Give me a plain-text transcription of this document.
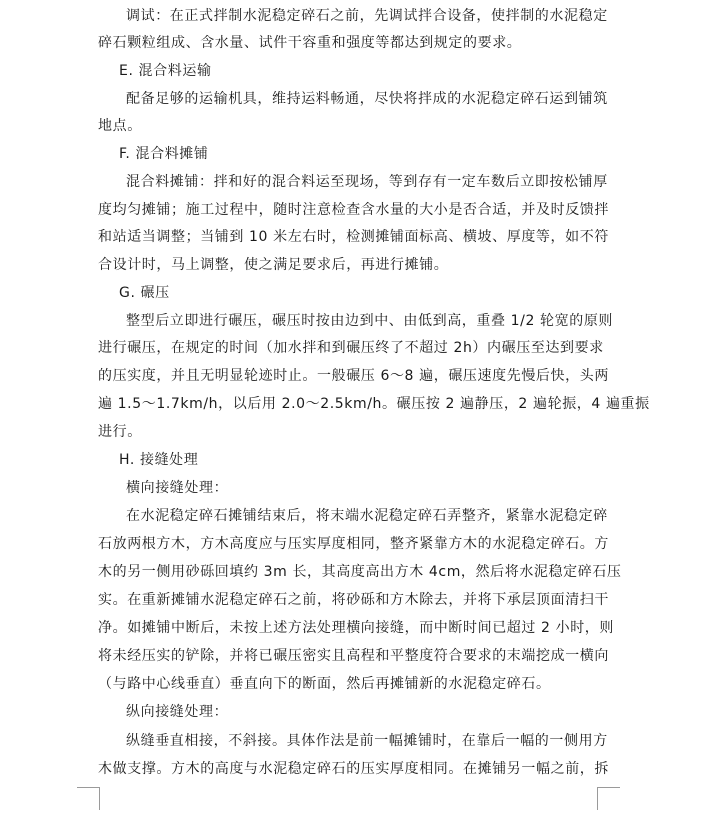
调试：在正式拌制水泥稳定碎石之前，先调试拌合设备，使拌制的水泥稳定
碎石颗粒组成、含水量、试件干容重和强度等都达到规定的要求。
E. 混合料运输
配备足够的运输机具，维持运料畅通，尽快将拌成的水泥稳定碎石运到铺筑
地点。
F. 混合料摊铺
混合料摊铺：拌和好的混合料运至现场，等到存有一定车数后立即按松铺厚
度均匀摊铺；施工过程中，随时注意检查含水量的大小是否合适，并及时反馈拌
和站适当调整；当铺到 10 米左右时，检测摊铺面标高、横坡、厚度等，如不符
合设计时，马上调整，使之满足要求后，再进行摊铺。
G. 碾压
整型后立即进行碾压，碾压时按由边到中、由低到高，重叠 1/2 轮宽的原则
进行碾压，在规定的时间（加水拌和到碾压终了不超过 2h）内碾压至达到要求
的压实度，并且无明显轮迹时止。一般碾压 6～8 遍，碾压速度先慢后快，头两
遍 1.5～1.7km/h，以后用 2.0～2.5km/h。碾压按 2 遍静压，2 遍轮振，4 遍重振
进行。
H. 接缝处理
横向接缝处理：
在水泥稳定碎石摊铺结束后，将末端水泥稳定碎石弄整齐，紧靠水泥稳定碎
石放两根方木，方木高度应与压实厚度相同，整齐紧靠方木的水泥稳定碎石。方
木的另一侧用砂砾回填约 3m 长，其高度高出方木 4cm，然后将水泥稳定碎石压
实。在重新摊铺水泥稳定碎石之前，将砂砾和方木除去，并将下承层顶面清扫干
净。如摊铺中断后，未按上述方法处理横向接缝，而中断时间已超过 2 小时，则
将未经压实的铲除，并将已碾压密实且高程和平整度符合要求的末端挖成一横向
（与路中心线垂直）垂直向下的断面，然后再摊铺新的水泥稳定碎石。
纵向接缝处理：
纵缝垂直相接，不斜接。具体作法是前一幅摊铺时，在靠后一幅的一侧用方
木做支撑。方木的高度与水泥稳定碎石的压实厚度相同。在摊铺另一幅之前，拆
